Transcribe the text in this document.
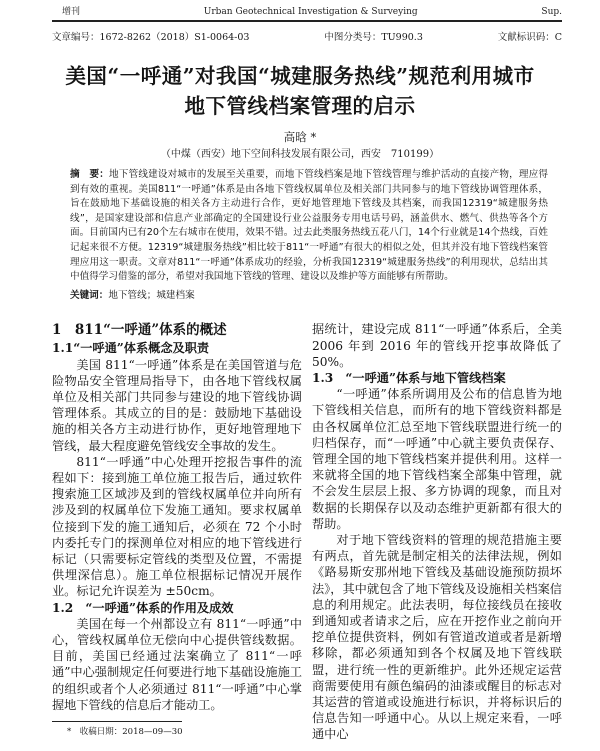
增刊	Urban Geotechnical Investigation & Surveying	Sup.
文章编号：1672-8262（2018）S1-0064-03	中图分类号：TU990.3	文献标识码：C
美国“一呼通”对我国“城建服务热线”规范利用城市
地下管线档案管理的启示
高晗 *
（中煤（西安）地下空间科技发展有限公司，西安　710199）
摘　要：地下管线建设对城市的发展至关重要，而地下管线档案是地下管线管理与维护活动的直接产物，理应得到有效的重视。美国811“一呼通”体系是由各地下管线权属单位及相关部门共同参与的地下管线协调管理体系，旨在鼓励地下基础设施的相关各方主动进行合作，更好地管理地下管线及其档案，而我国12319“城建服务热线”，是国家建设部和信息产业部确定的全国建设行业公益服务专用电话号码，涵盖供水、燃气、供热等各个方面。目前国内已有20个左右城市在使用，效果不错。过去此类服务热线五花八门，14个行业就是14个热线，百姓记起来很不方便。12319“城建服务热线”相比较于811“一呼通”有很大的相似之处，但其并没有地下管线档案管理应用这一职责。文章对811“一呼通”体系成功的经验，分析我国12319“城建服务热线”的利用现状，总结出其中值得学习借鉴的部分，希望对我国地下管线的管理、建设以及维护等方面能够有所帮助。
关键词：地下管线；城建档案
1　811“一呼通”体系的概述
1.1“一呼通”体系概念及职责

美国 811“一呼通”体系是在美国管道与危险物品安全管理局指导下，由各地下管线权属单位及相关部门共同参与建设的地下管线协调管理体系。其成立的目的是：鼓励地下基础设施的相关各方主动进行协作，更好地管理地下管线，最大程度避免管线安全事故的发生。

811“一呼通”中心处理开挖报告事件的流程如下：接到施工单位施工报告后，通过软件搜索施工区域涉及到的管线权属单位并向所有涉及到的权属单位下发施工通知。要求权属单位接到下发的施工通知后，必须在 72 个小时内委托专门的探测单位对相应的地下管线进行标记（只需要标定管线的类型及位置，不需提供埋深信息）。施工单位根据标记情况开展作业。标记允许误差为 ±50cm。

1.2　“一呼通”体系的作用及成效

美国在每一个州都设立有 811“一呼通”中心，管线权属单位无偿向中心提供管线数据。目前，美国已经通过法案确立了 811“一呼通”中心强制规定任何要进行地下基础设施施工的组织或者个人必须通过 811“一呼通”中心掌握地下管线的信息后才能动工。

*　收稿日期：2018—09—30

据统计，建设完成 811“一呼通”体系后，全美 2006 年到 2016 年的管线开挖事故降低了 50%。

1.3　“一呼通”体系与地下管线档案

“一呼通”体系所调用及公布的信息皆为地下管线相关信息，而所有的地下管线资料都是由各权属单位汇总至地下管线联盟进行统一的归档保存，而“一呼通”中心就主要负责保存、管理全国的地下管线档案并提供利用。这样一来就将全国的地下管线档案全部集中管理，就不会发生层层上报、多方协调的现象，而且对数据的长期保存以及动态维护更新都有很大的帮助。

对于地下管线资料的管理的规范措施主要有两点，首先就是制定相关的法律法规，例如《路易斯安那州地下管线及基础设施预防损坏法》，其中就包含了地下管线及设施相关档案信息的利用规定。此法表明，每位接线员在接收到通知或者请求之后，应在开挖作业之前向开挖单位提供资料，例如有管道改道或者是新增移除，都必须通知到各个权属及地下管线联盟，进行统一性的更新维护。此外还规定运营商需要使用有颜色编码的油漆或醒目的标志对其运营的管道或设施进行标识，并将标识后的信息告知一呼通中心。从以上规定来看，一呼通中心
